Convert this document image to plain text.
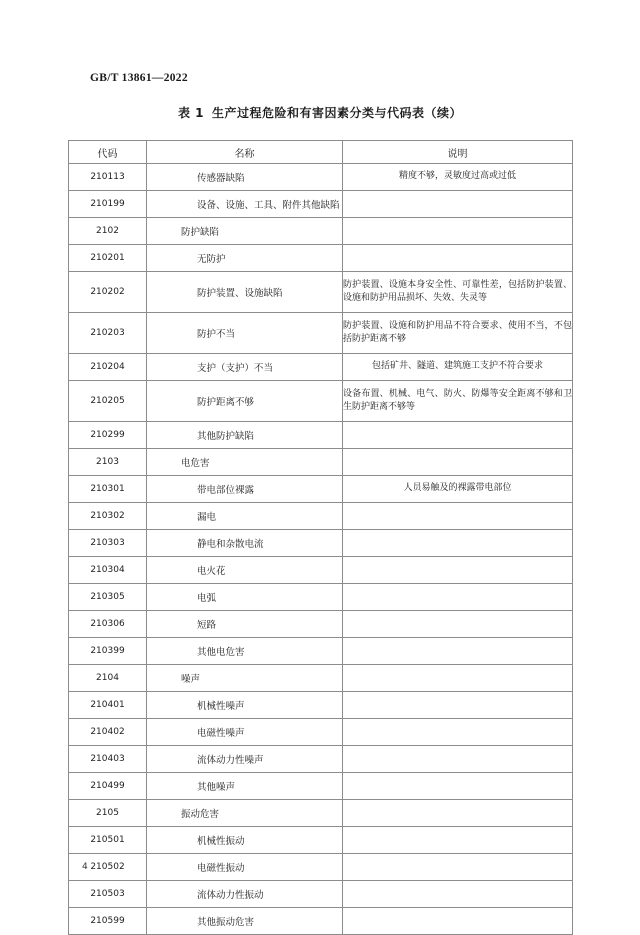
GB/T 13861—2022
表 1 生产过程危险和有害因素分类与代码表（续）
代码	名称	说明
210113	传感器缺陷	精度不够，灵敏度过高或过低
210199	设备、设施、工具、附件其他缺陷	

2102	防护缺陷	

210201	无防护	

210202	防护装置、设施缺陷	防护装置、设施本身安全性、可靠性差，包括防护装置、设施和防护用品损坏、失效、失灵等
210203	防护不当	防护装置、设施和防护用品不符合要求、使用不当，不包括防护距离不够
210204	支护（支护）不当	包括矿井、隧道、建筑施工支护不符合要求
210205	防护距离不够	设备布置、机械、电气、防火、防爆等安全距离不够和卫生防护距离不够等
210299	其他防护缺陷	

2103	电危害	

210301	带电部位裸露	人员易触及的裸露带电部位
210302	漏电	

210303	静电和杂散电流	

210304	电火花	

210305	电弧	

210306	短路	

210399	其他电危害	

2104	噪声	

210401	机械性噪声	

210402	电磁性噪声	

210403	流体动力性噪声	

210499	其他噪声	

2105	振动危害	

210501	机械性振动	

210502	电磁性振动	

210503	流体动力性振动	

210599	其他振动危害	

4
